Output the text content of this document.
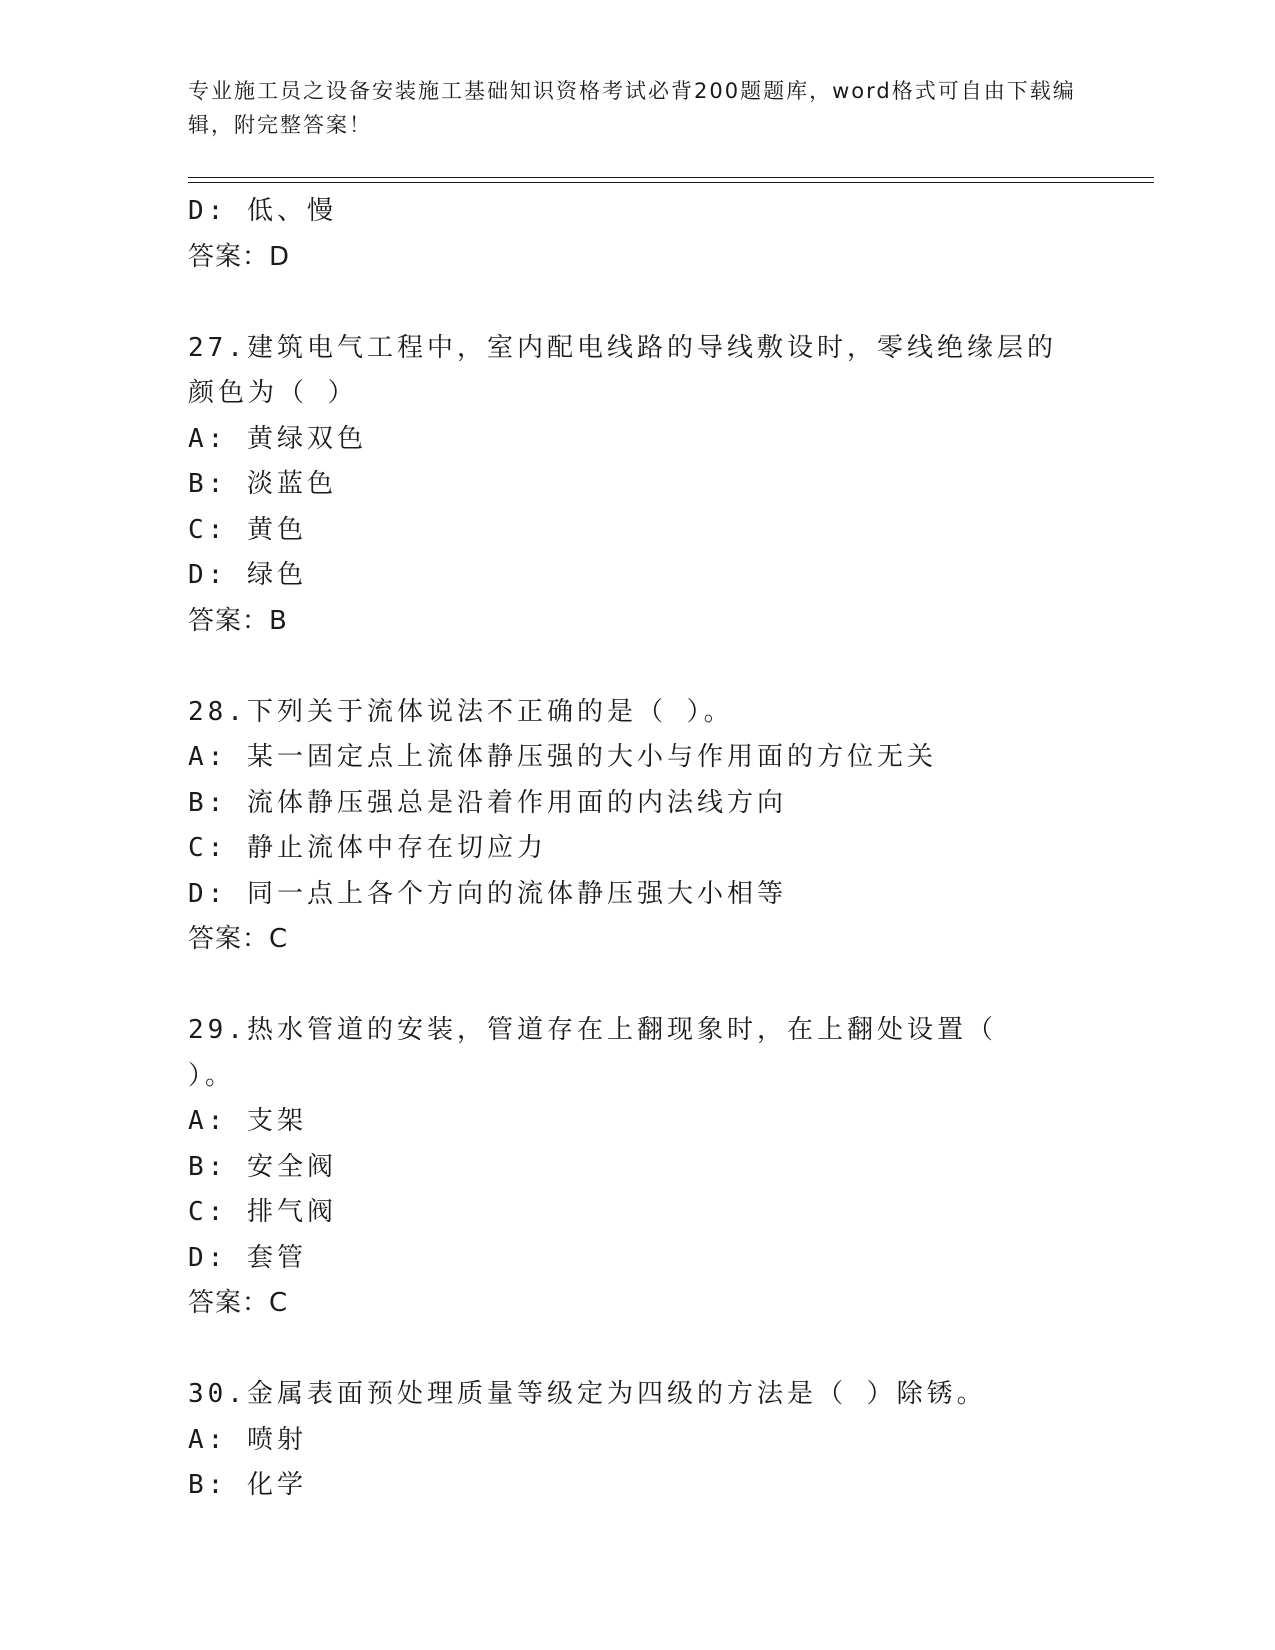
专业施工员之设备安装施工基础知识资格考试必背200题题库，word格式可自由下载编辑，附完整答案！
D: 低、慢
答案：D
27.建筑电气工程中，室内配电线路的导线敷设时，零线绝缘层的颜色为（ ）
A: 黄绿双色
B: 淡蓝色
C: 黄色
D: 绿色
答案：B
28.下列关于流体说法不正确的是（ ）。
A: 某一固定点上流体静压强的大小与作用面的方位无关
B: 流体静压强总是沿着作用面的内法线方向
C: 静止流体中存在切应力
D: 同一点上各个方向的流体静压强大小相等
答案：C
29.热水管道的安装，管道存在上翻现象时，在上翻处设置（ ）。
A: 支架
B: 安全阀
C: 排气阀
D: 套管
答案：C
30.金属表面预处理质量等级定为四级的方法是（ ）除锈。
A: 喷射
B: 化学
